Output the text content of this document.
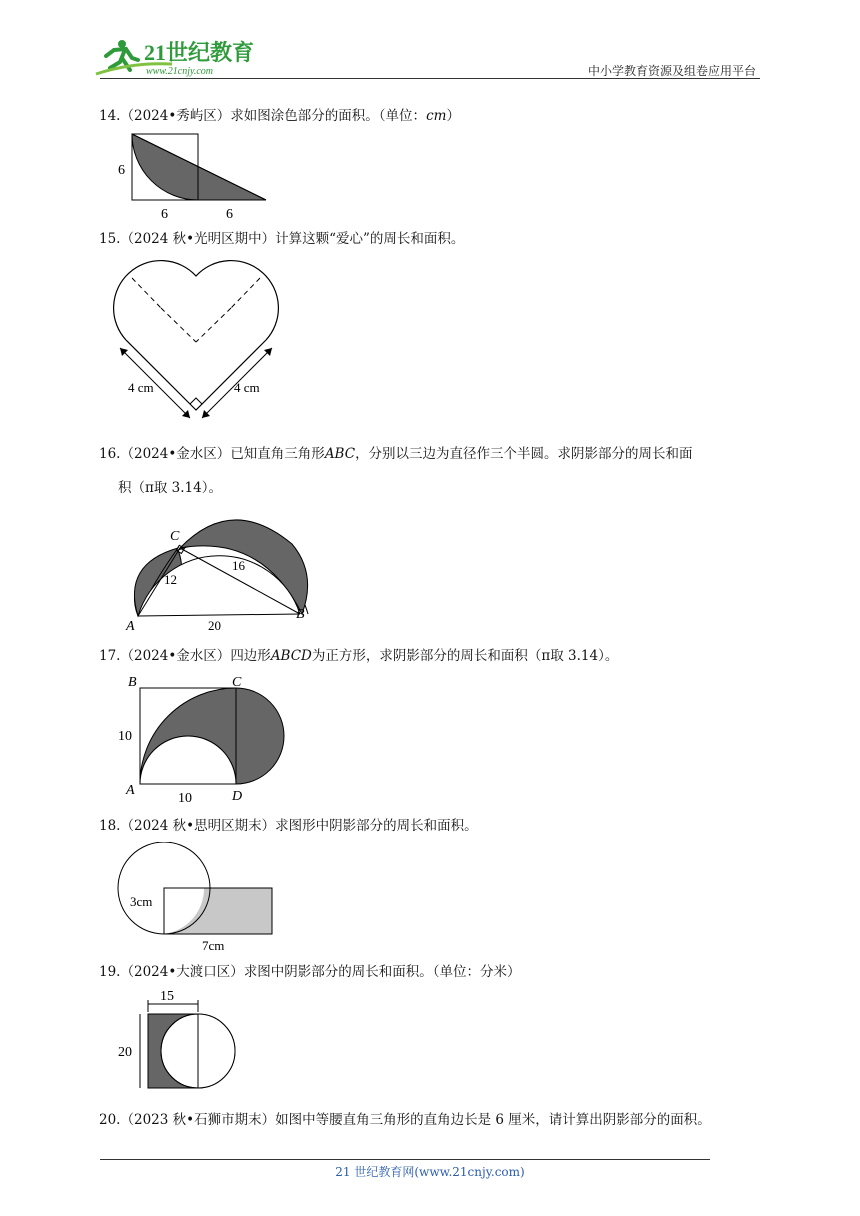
21世纪教育
www.21cnjy.com	中小学教育资源及组卷应用平台
14.（2024•秀屿区）求如图涂色部分的面积。（单位：cm）
6
6	6
15.（2024 秋•光明区期中）计算这颗“爱心”的周长和面积。
4 cm	4 cm
16.（2024•金水区）已知直角三角形ABC，分别以三边为直径作三个半圆。求阴影部分的周长和面
积（π取 3.14）。
C
A
B
12
16
20
17.（2024•金水区）四边形ABCD为正方形，求阴影部分的周长和面积（π取 3.14）。
B	C
A	D
10
10
18.（2024 秋•思明区期末）求图形中阴影部分的周长和面积。
3cm
7cm
19.（2024•大渡口区）求图中阴影部分的周长和面积。（单位：分米）
15
20
20.（2023 秋•石狮市期末）如图中等腰直角三角形的直角边长是 6 厘米，请计算出阴影部分的面积。
21 世纪教育网(www.21cnjy.com)
